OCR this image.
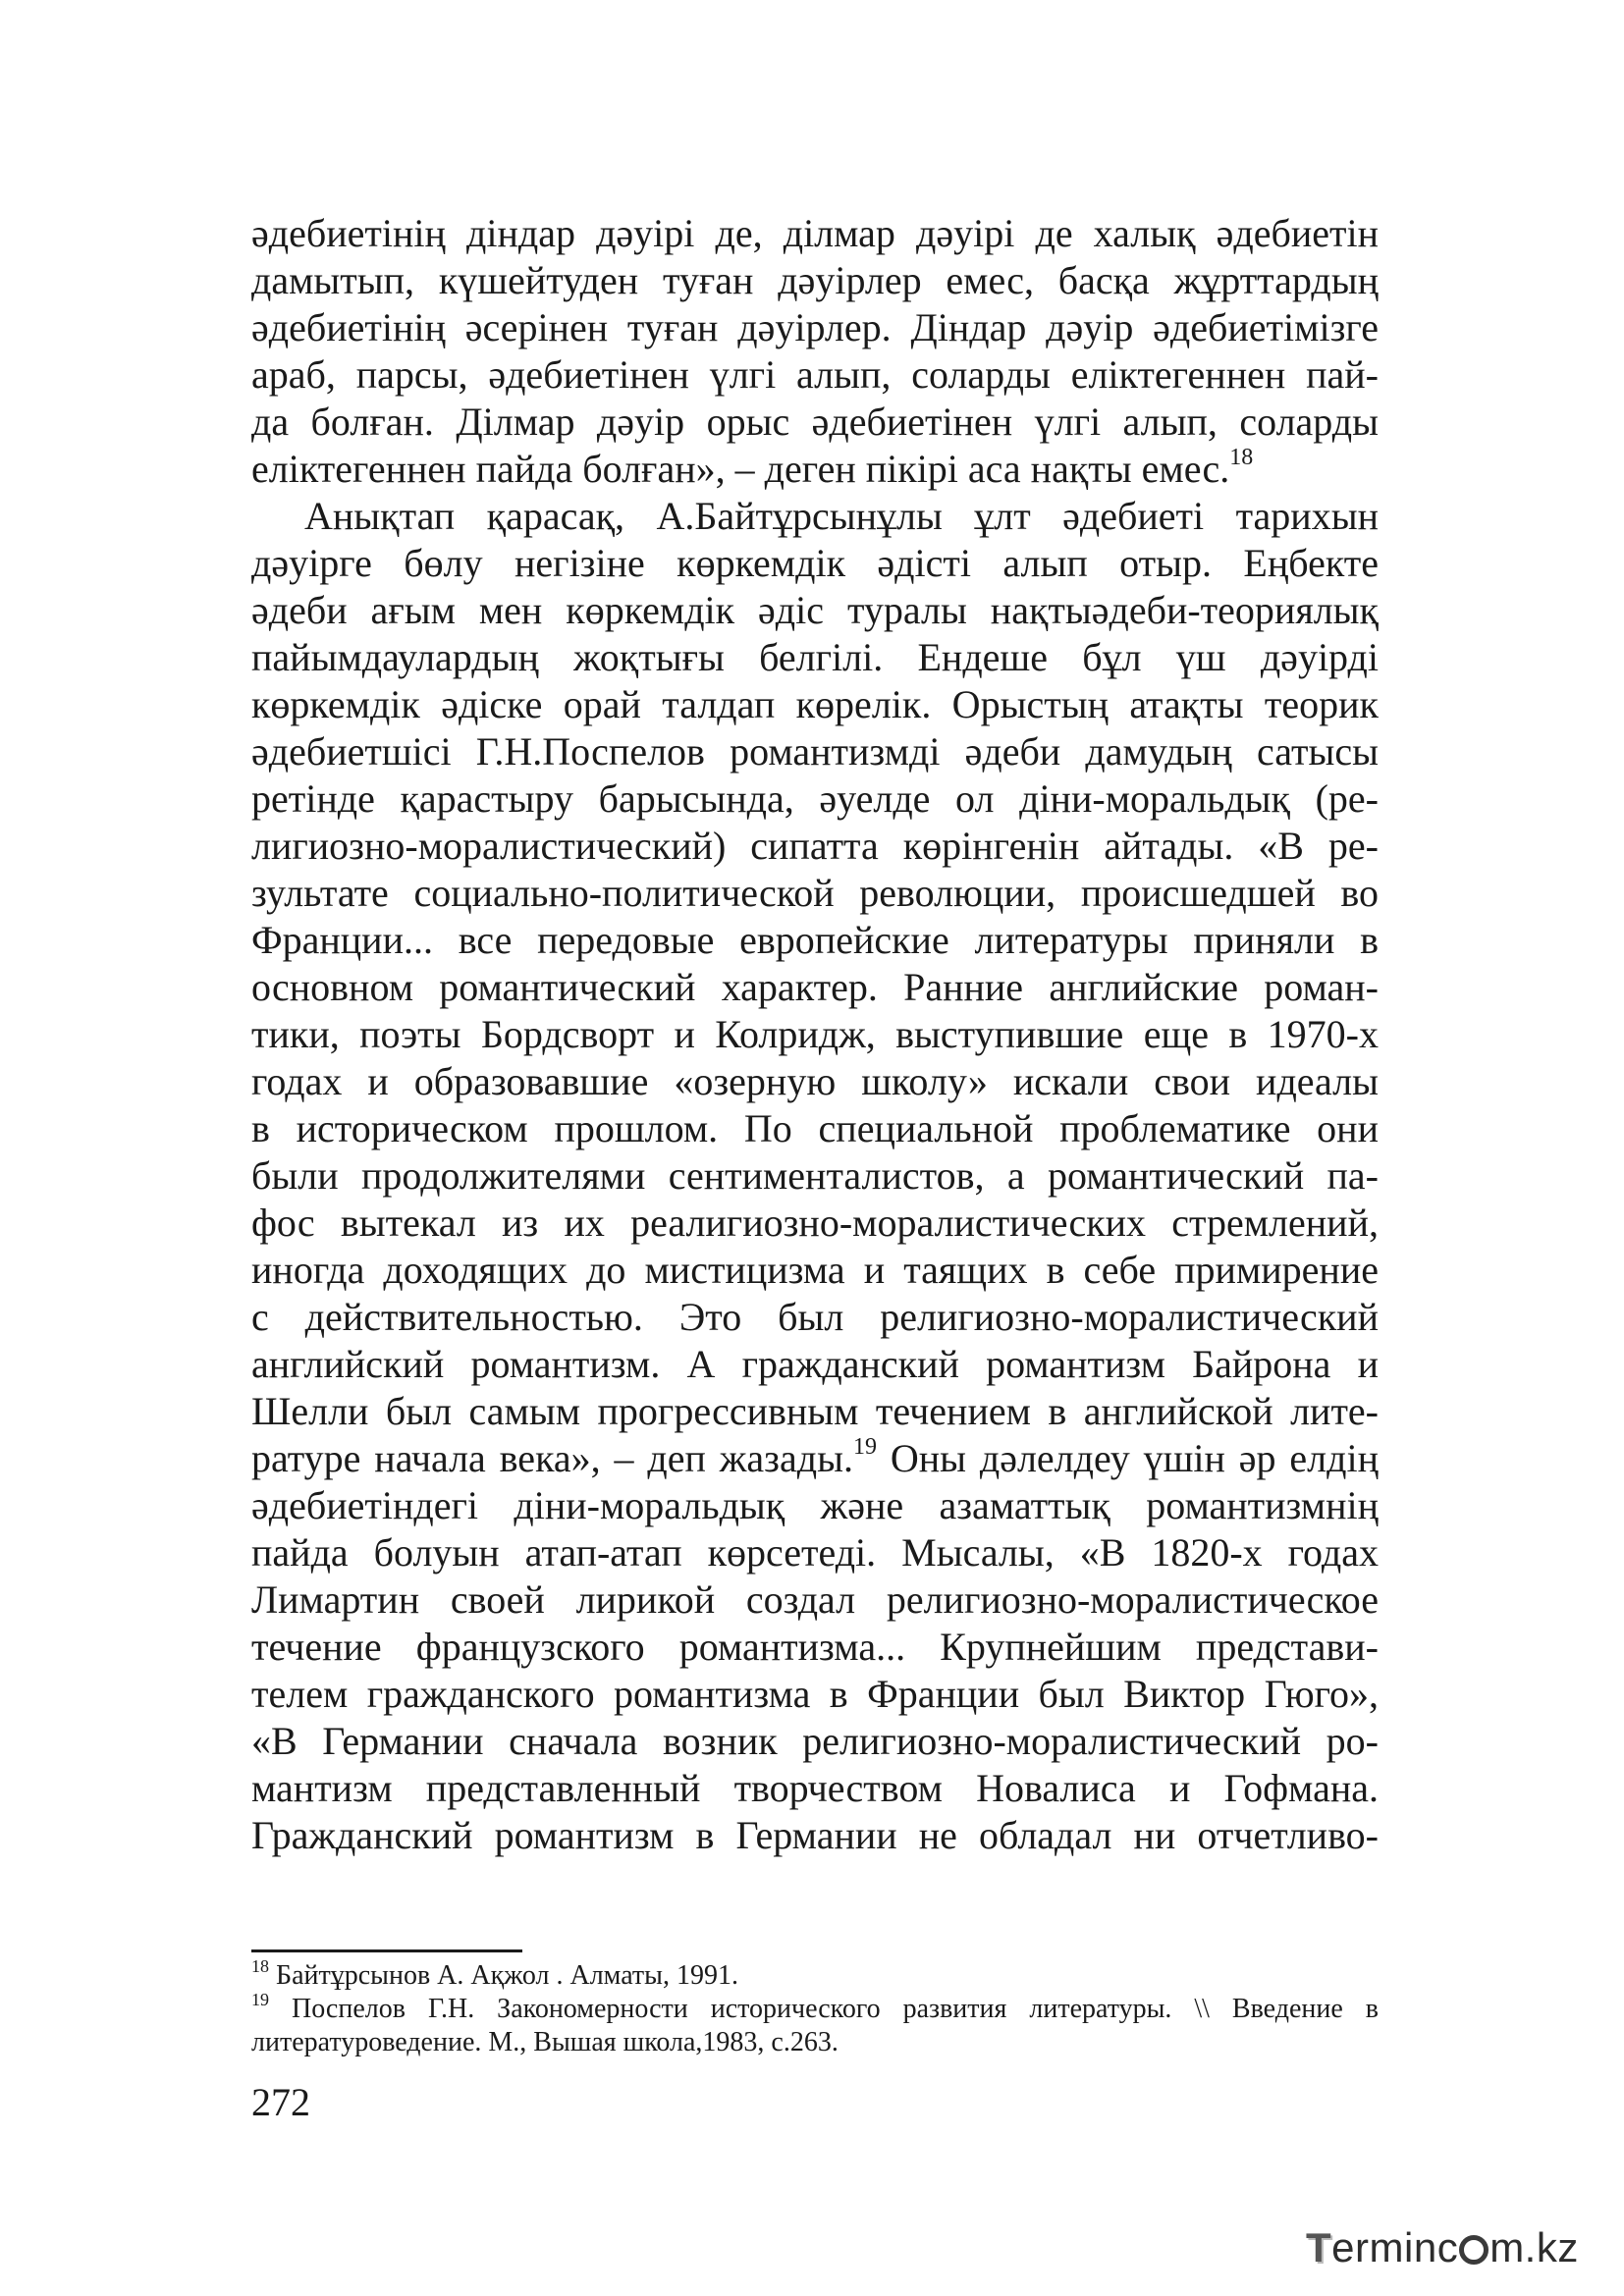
әдебиетінің діндар дәуірі де, ділмар дәуірі де халық әдебиетін
дамытып, күшейтуден туған дәуірлер емес, басқа жұрттардың
әдебиетінің әсерінен туған дәуірлер. Діндар дәуір әдебиетімізге
араб, парсы, әдебиетінен үлгі алып, соларды еліктегеннен пай-
да болған. Ділмар дәуір орыс әдебиетінен үлгі алып, соларды
еліктегеннен пайда болған», – деген пікірі аса нақты емес.$^{18}$
Анықтап қарасақ, А.Байтұрсынұлы ұлт әдебиеті тарихын
дәуірге бөлу негізіне көркемдік әдісті алып отыр. Еңбекте
әдеби ағым мен көркемдік әдіс туралы нақтыәдеби-теориялық
пайымдаулардың жоқтығы белгілі. Ендеше бұл үш дәуірді
көркемдік әдіске орай талдап көрелік. Орыстың атақты теорик
әдебиетшісі Г.Н.Поспелов романтизмді әдеби дамудың сатысы
ретінде қарастыру барысында, әуелде ол діни-моральдық (ре-
лигиозно-моралистический) сипатта көрінгенін айтады. «В ре-
зультате социально-политической революции, происшедшей во
Франции... все передовые европейские литературы приняли в
основном романтический характер. Ранние английские роман-
тики, поэты Бордсворт и Колридж, выступившие еще в 1970-х
годах и образовавшие «озерную школу» искали свои идеалы
в историческом прошлом. По специальной проблематике они
были продолжителями сентименталистов, а романтический па-
фос вытекал из их реалигиозно-моралистических стремлений,
иногда доходящих до мистицизма и таящих в себе примирение
с действительностью. Это был религиозно-моралистический
английский романтизм. А гражданский романтизм Байрона и
Шелли был самым прогрессивным течением в английской лите-
ратуре начала века», – деп жазады.$^{19}$ Оны дәлелдеу үшін әр елдің
әдебиетіндегі діни-моральдық және азаматтық романтизмнің
пайда болуын атап-атап көрсетеді. Мысалы, «В 1820-х годах
Лимартин своей лирикой создал религиозно-моралистическое
течение французского романтизма... Крупнейшим представи-
телем гражданского романтизма в Франции был Виктор Гюго»,
«В Германии сначала возник религиозно-моралистический ро-
мантизм представленный творчеством Новалиса и Гофмана.
Гражданский романтизм в Германии не обладал ни отчетливо-
$^{18}$ Байтұрсынов А. Ақжол . Алматы, 1991.
$^{19}$ Поспелов Г.Н. Закономерности исторического развития литературы. \\ Введение в
литературоведение. М., Вышая школа,1983, с.263.
272
Terminc m.kz
